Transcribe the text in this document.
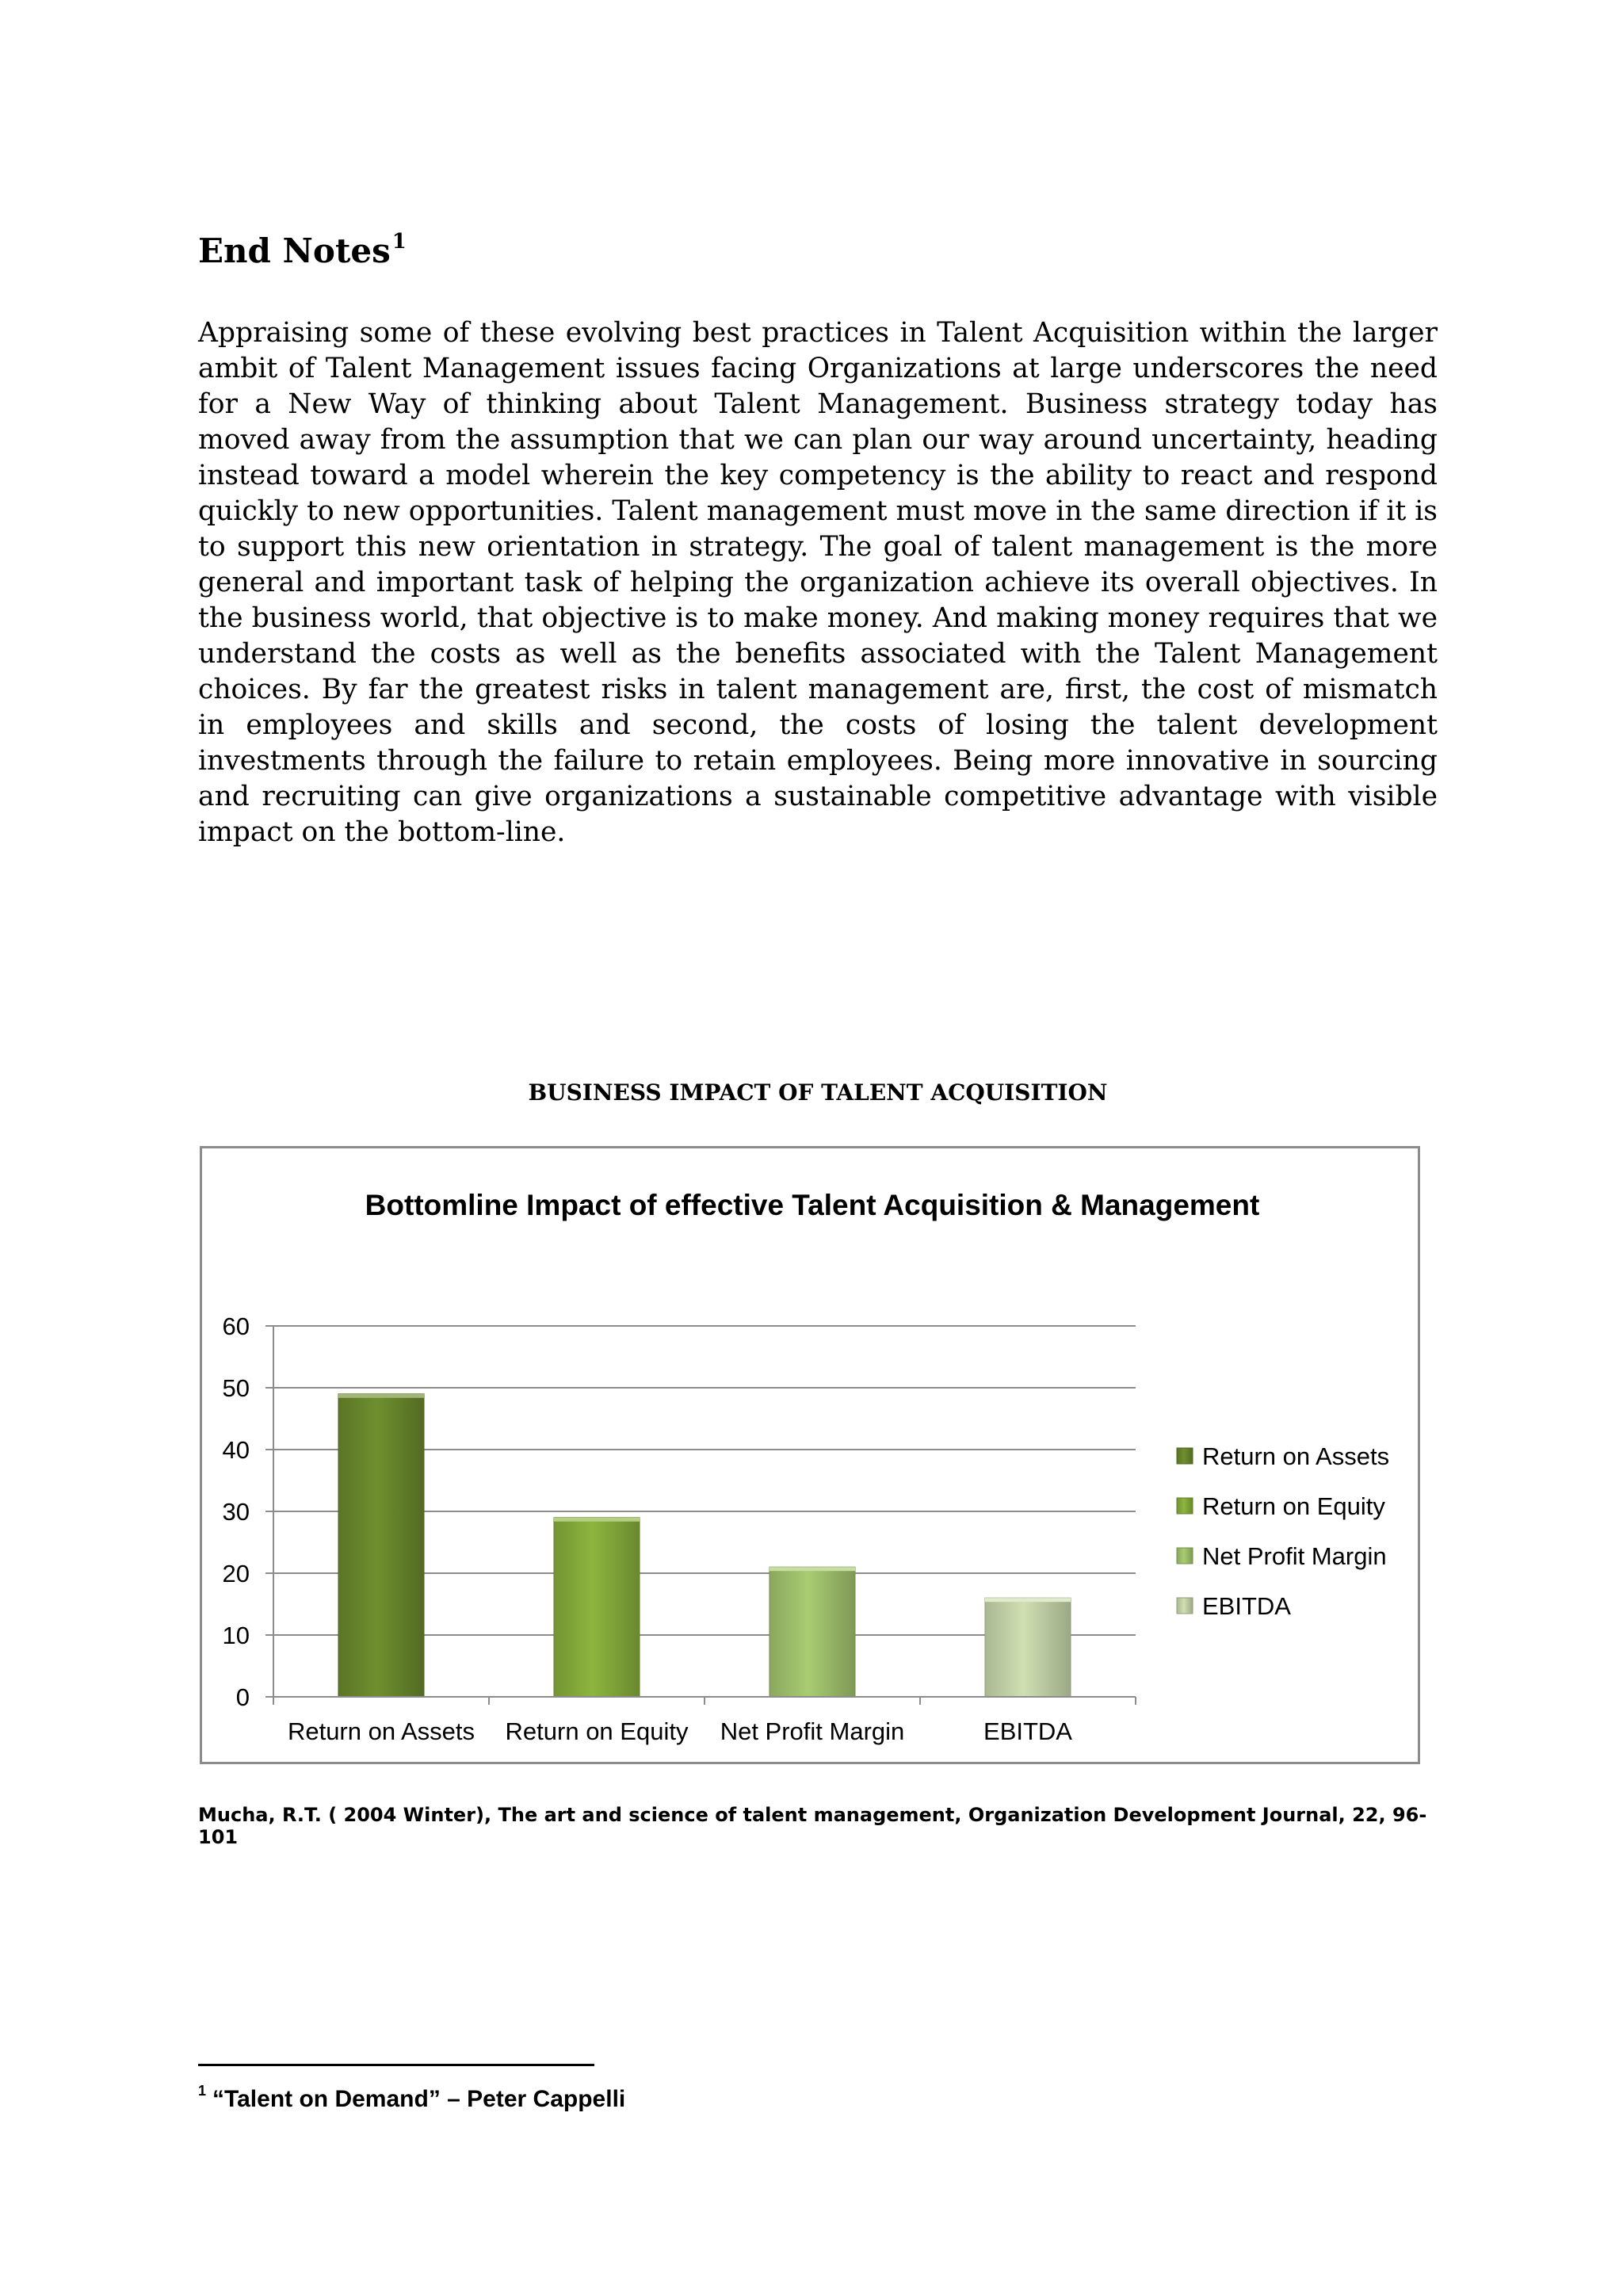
End Notes$^1$

Appraising some of these evolving best practices in Talent Acquisition within the larger ambit of Talent Management issues facing Organizations at large underscores the need for a New Way of thinking about Talent Management. Business strategy today has moved away from the assumption that we can plan our way around uncertainty, heading instead toward a model wherein the key competency is the ability to react and respond quickly to new opportunities. Talent management must move in the same direction if it is to support this new orientation in strategy. The goal of talent management is the more general and important task of helping the organization achieve its overall objectives. In the business world, that objective is to make money. And making money requires that we understand the costs as well as the benefits associated with the Talent Management choices. By far the greatest risks in talent management are, first, the cost of mismatch in employees and skills and second, the costs of losing the talent development investments through the failure to retain employees. Being more innovative in sourcing and recruiting can give organizations a sustainable competitive advantage with visible impact on the bottom-line.

BUSINESS IMPACT OF TALENT ACQUISITION

Bottomline Impact of effective Talent Acquisition & Management
0
10
20
30
40
50
60
Return on Assets Return on Equity Net Profit Margin	EBITDA
Return on Assets
Return on Equity
Net Profit Margin
EBITDA

Mucha, R.T. ( 2004 Winter), The art and science of talent management, Organization Development Journal, 22, 96-101

$^1$ “Talent on Demand” – Peter Cappelli
